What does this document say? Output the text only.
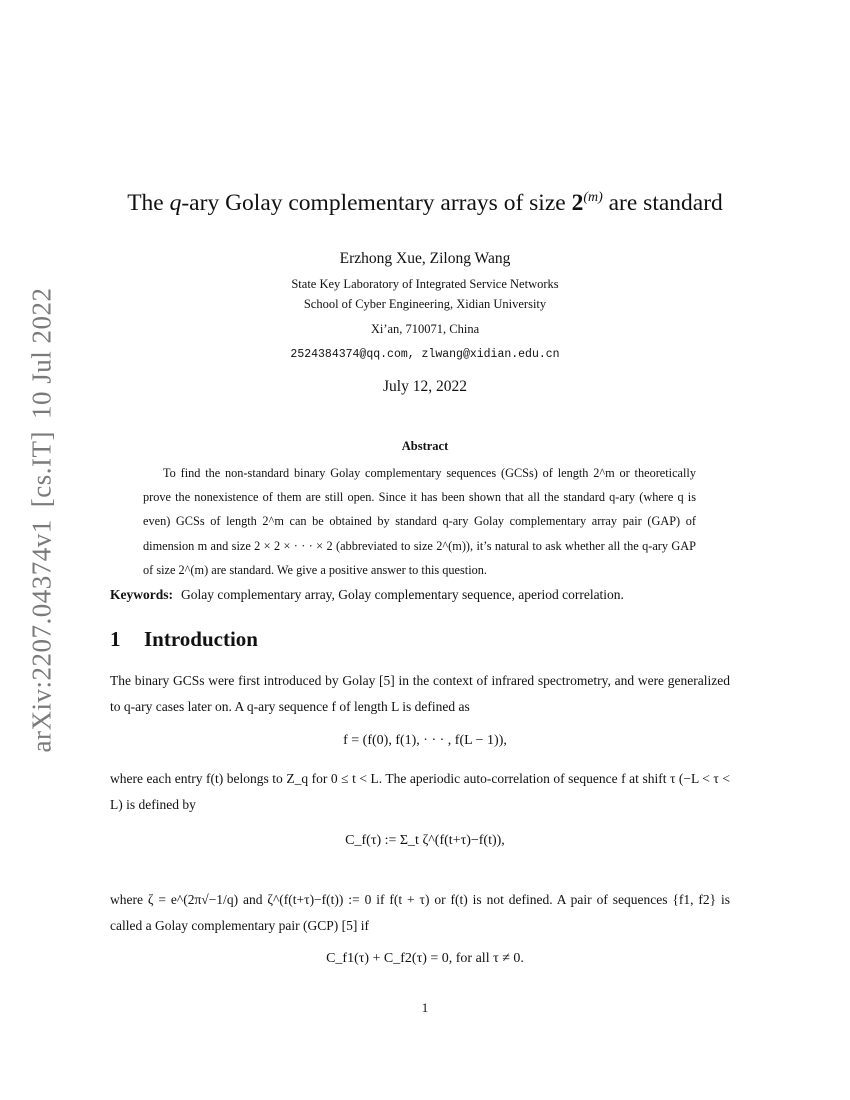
arXiv:2207.04374v1[cs.IT]10 Jul 2022
The q-ary Golay complementary arrays of size 2$^{(m)}$ are standard
Erzhong Xue, Zilong Wang
State Key Laboratory of Integrated Service Networks
School of Cyber Engineering, Xidian University
Xi’an, 710071, China
2524384374@qq.com, zlwang@xidian.edu.cn
July 12, 2022
Abstract

To find the non-standard binary Golay complementary sequences (GCSs) of length 2^m or theoretically prove the nonexistence of them are still open. Since it has been shown that all the standard q-ary (where q is even) GCSs of length 2^m can be obtained by standard q-ary Golay complementary array pair (GAP) of dimension m and size 2 × 2 × · · · × 2 (abbreviated to size 2^(m)), it’s natural to ask whether all the q-ary GAP of size 2^(m) are standard. We give a positive answer to this question.

Keywords: Golay complementary array, Golay complementary sequence, aperiod correlation.
1 Introduction

The binary GCSs were first introduced by Golay [5] in the context of infrared spectrometry, and were generalized to q-ary cases later on. A q-ary sequence f of length L is defined as

f = (f(0), f(1), · · · , f(L − 1)),

where each entry f(t) belongs to Z_q for 0 ≤ t < L. The aperiodic auto-correlation of sequence f at shift τ (−L < τ < L) is defined by

C_f(τ) := Σ_t ζ^(f(t+τ)−f(t)),

where ζ = e^(2π√−1/q) and ζ^(f(t+τ)−f(t)) := 0 if f(t + τ) or f(t) is not defined. A pair of sequences {f1, f2} is called a Golay complementary pair (GCP) [5] if

C_f1(τ) + C_f2(τ) = 0, for all τ ≠ 0.
1
